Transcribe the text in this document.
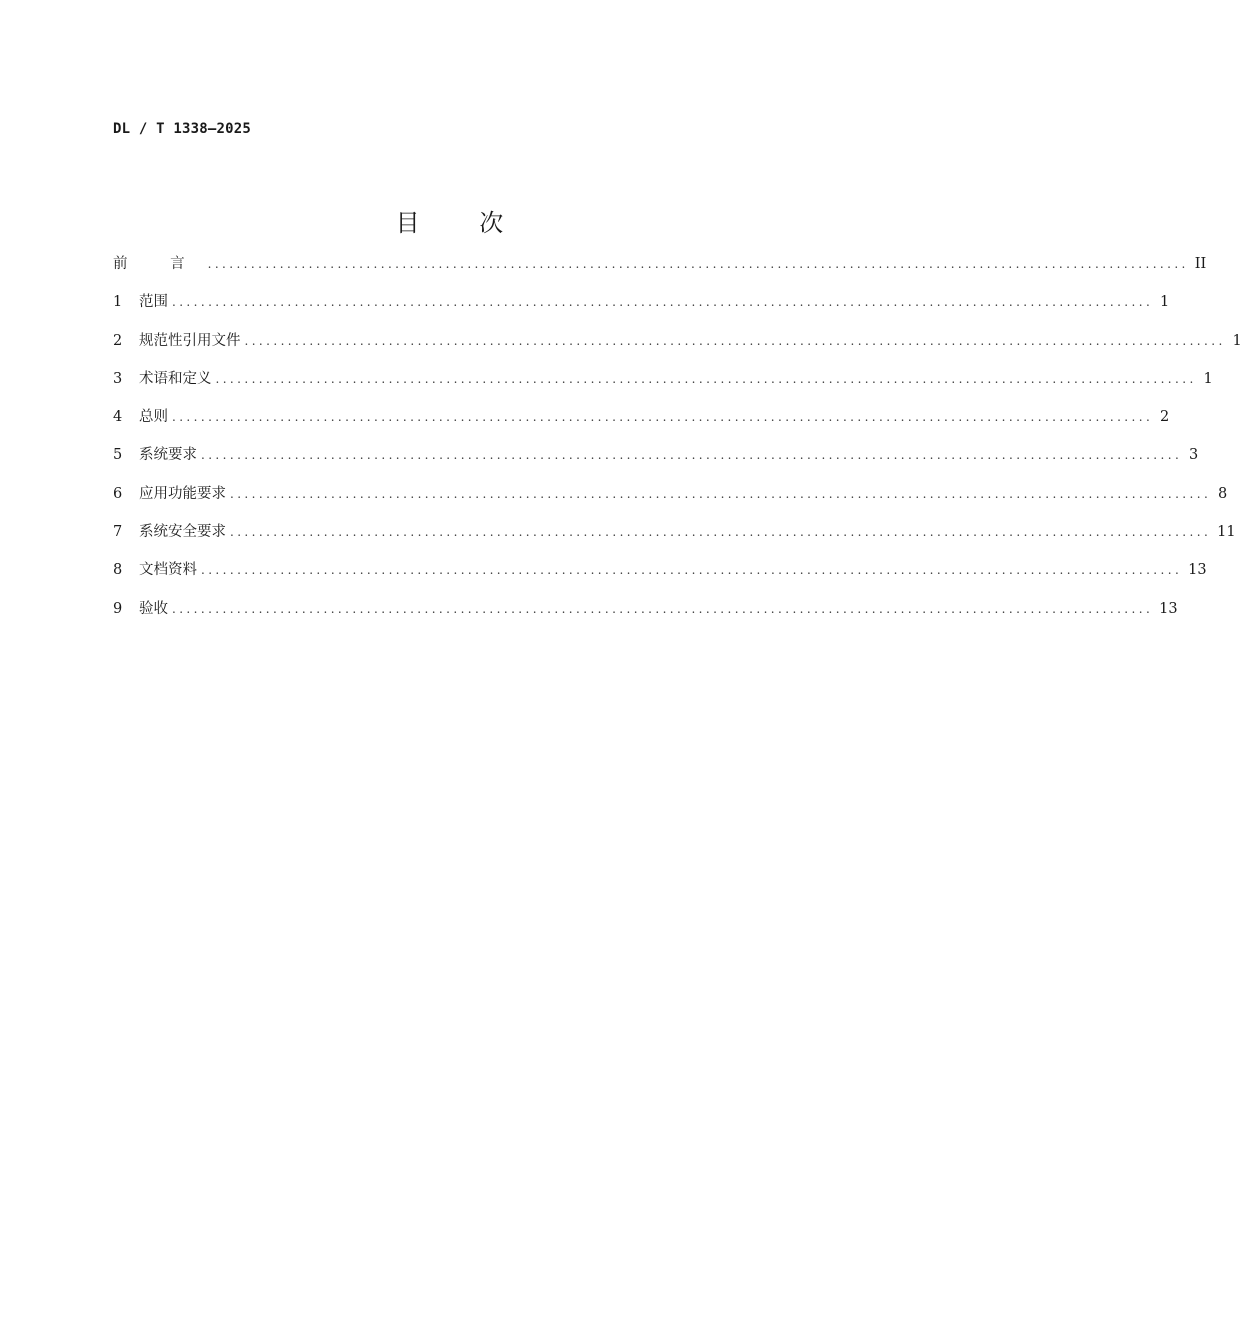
DL / T 1338—2025
目 次
前 言 ........................................................................................................................................ II
1	范围 ........................................................................................................................................ 1
2	规范性引用文件 ........................................................................................................................................ 1
3	术语和定义 ........................................................................................................................................ 1
4	总则 ........................................................................................................................................ 2
5	系统要求 ........................................................................................................................................ 3
6	应用功能要求 ........................................................................................................................................ 8
7	系统安全要求 ........................................................................................................................................ 11
8	文档资料 ........................................................................................................................................ 13
9	验收 ........................................................................................................................................ 13
